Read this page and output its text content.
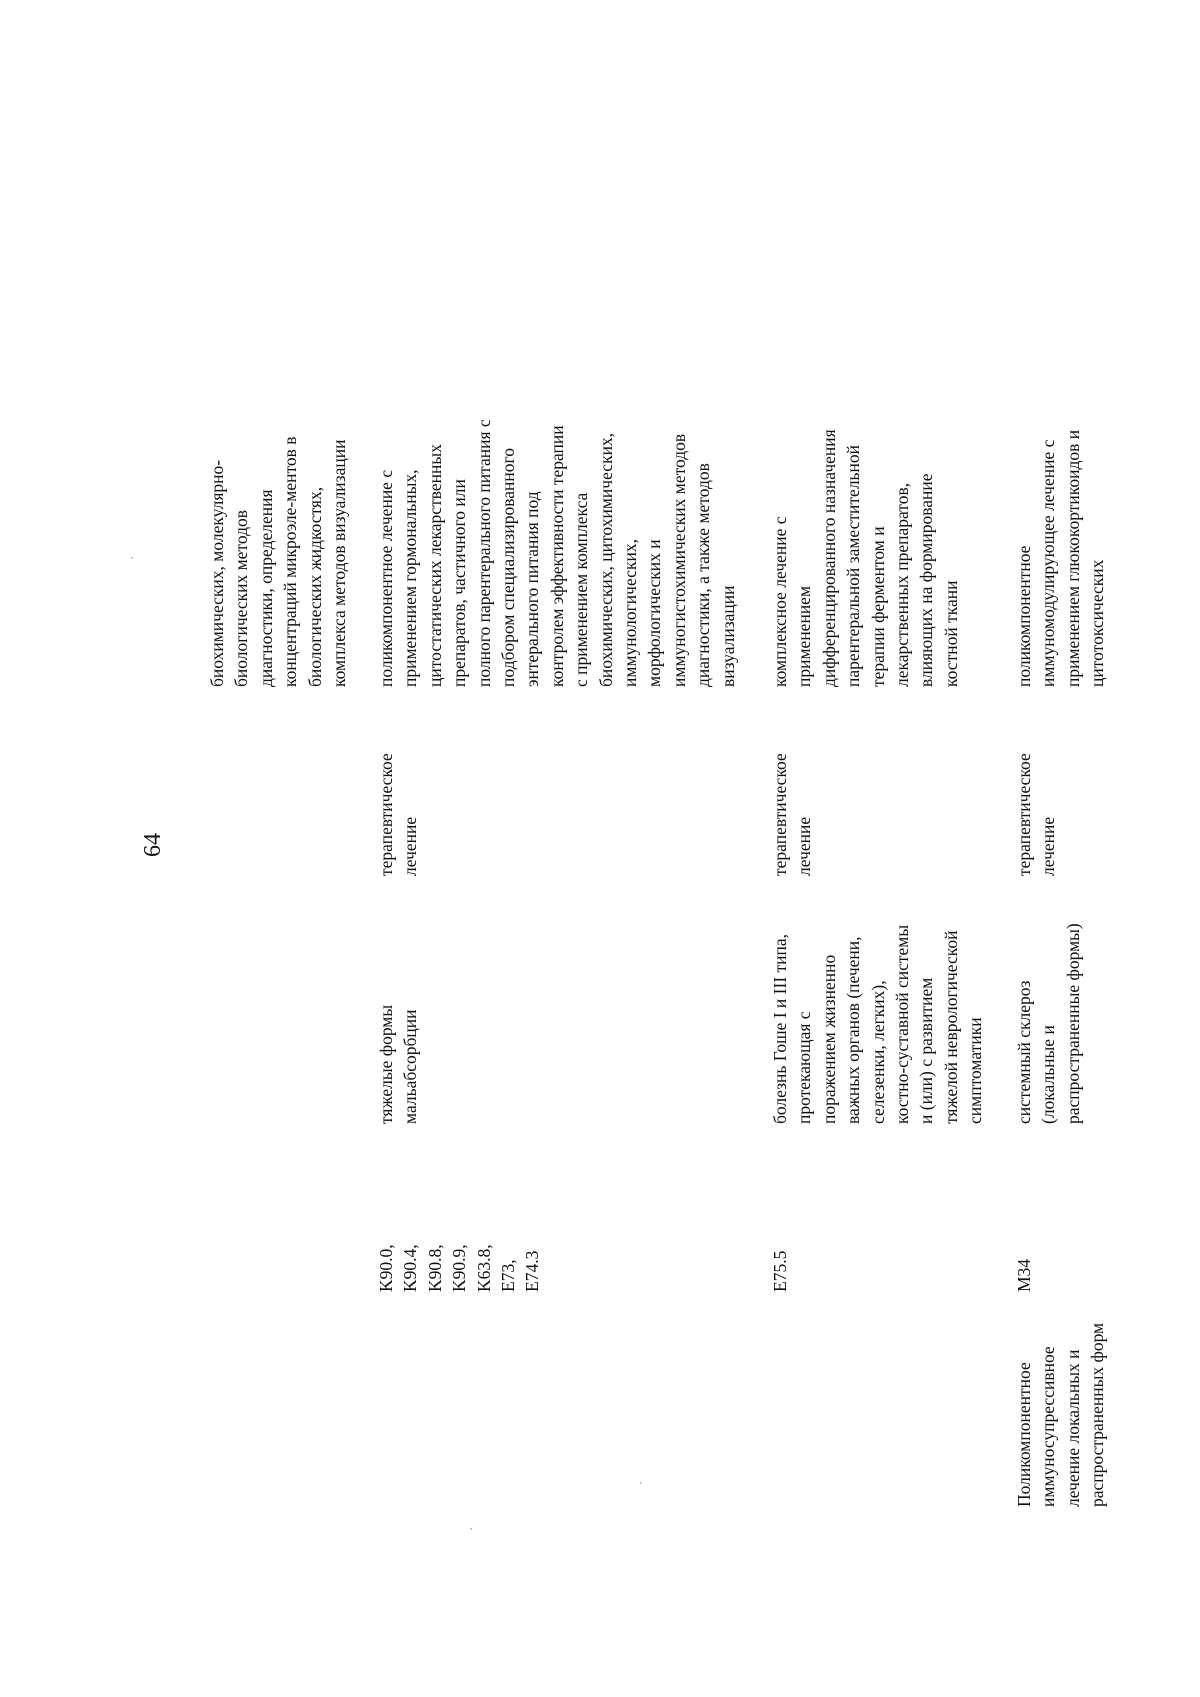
64
биохимических, молекулярно- биологических методов диагностики, определения концентраций микроэле-ментов в биологических жидкостях, комплекса методов визуализации
K90.0, K90.4, K90.8, K90.9, K63.8, E73, E74.3
тяжелые формы мальабсорбции
терапевтическое лечение
поликомпонентное лечение с применением гормональных, цитостатических лекарственных препаратов, частичного или полного парентерального питания с подбором специализированного энтерального питания под контролем эффективности терапии с применением комплекса биохимических, цитохимических, иммунологических, морфологических и иммуногистохимических методов диагностики, а также методов визуализации
E75.5
болезнь Гоше I и III типа, протекающая с поражением жизненно важных органов (печени, селезенки, легких), костно-суставной системы и (или) с развитием тяжелой неврологической симптоматики
терапевтическое лечение
комплексное лечение с применением дифференцированного назначения парентеральной заместительной терапии ферментом и лекарственных препаратов, влияющих на формирование костной ткани
Поликомпонентное иммуносупрессивное лечение локальных и распространенных форм
M34
системный склероз (локальные и распространенные формы)
терапевтическое лечение
поликомпонентное иммуномодулирующее лечение с применением глюкокортикоидов и цитотоксических
